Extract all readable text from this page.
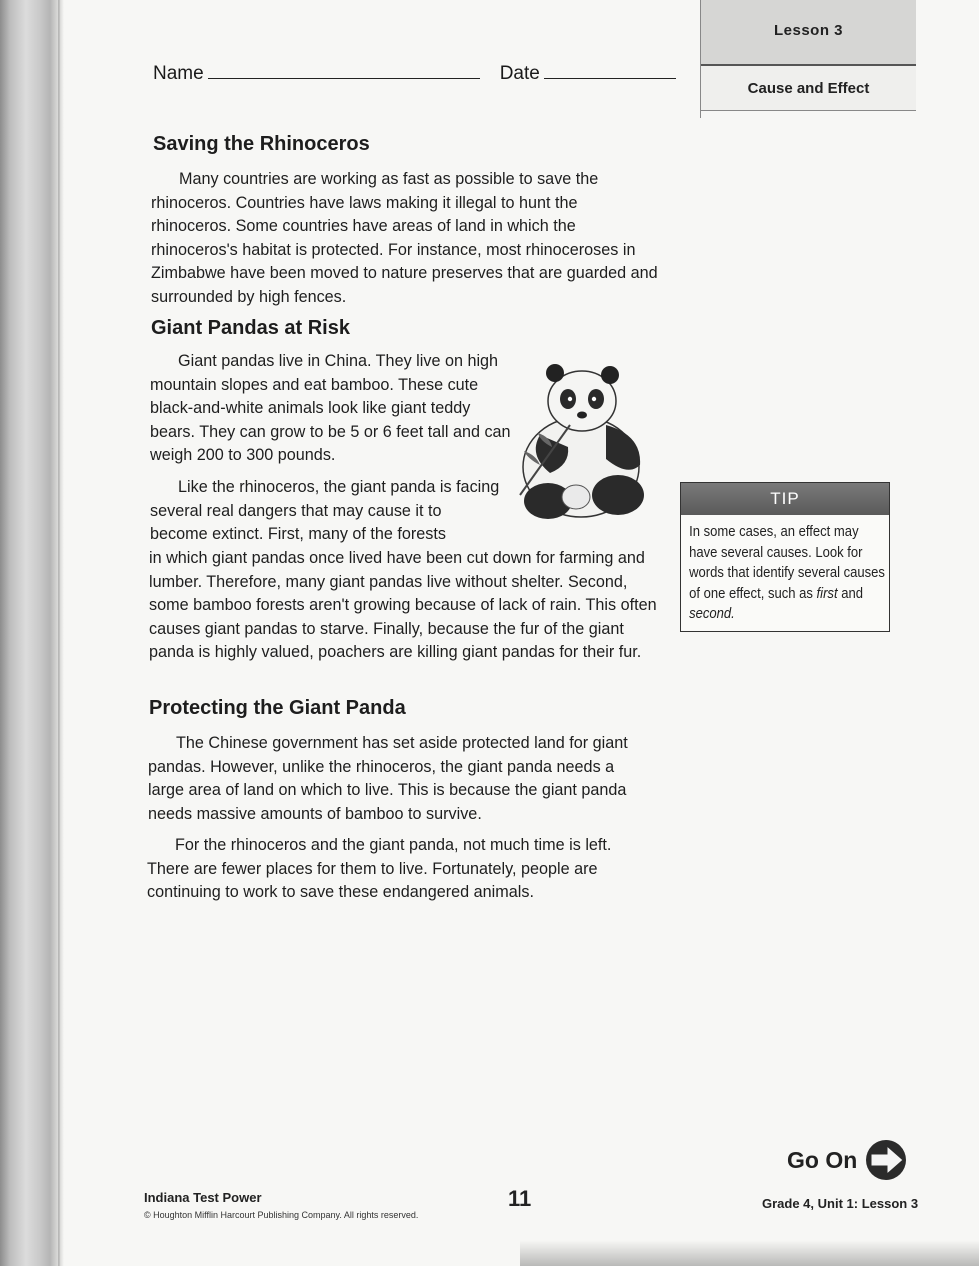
Lesson 3
Cause and Effect
Name	Date
Saving the Rhinoceros

Many countries are working as fast as possible to save the rhinoceros. Countries have laws making it illegal to hunt the rhinoceros. Some countries have areas of land in which the rhinoceros's habitat is protected. For instance, most rhinoceroses in Zimbabwe have been moved to nature preserves that are guarded and surrounded by high fences.

Giant Pandas at Risk

Giant pandas live in China. They live on high mountain slopes and eat bamboo. These cute black-and-white animals look like giant teddy bears. They can grow to be 5 or 6 feet tall and can weigh 200 to 300 pounds.

Like the rhinoceros, the giant panda is facing several real dangers that may cause it to become extinct. First, many of the forests

in which giant pandas once lived have been cut down for farming and lumber. Therefore, many giant pandas live without shelter. Second, some bamboo forests aren't growing because of lack of rain. This often causes giant pandas to starve. Finally, because the fur of the giant panda is highly valued, poachers are killing giant pandas for their fur.

Protecting the Giant Panda

The Chinese government has set aside protected land for giant pandas. However, unlike the rhinoceros, the giant panda needs a large area of land on which to live. This is because the giant panda needs massive amounts of bamboo to survive.

For the rhinoceros and the giant panda, not much time is left. There are fewer places for them to live. Fortunately, people are continuing to work to save these endangered animals.

TIP
In some cases, an effect may have several causes. Look for words that identify several causes of one effect, such as first and second.
Go On
Indiana Test Power
© Houghton Mifflin Harcourt Publishing Company. All rights reserved.
11	Grade 4, Unit 1: Lesson 3
